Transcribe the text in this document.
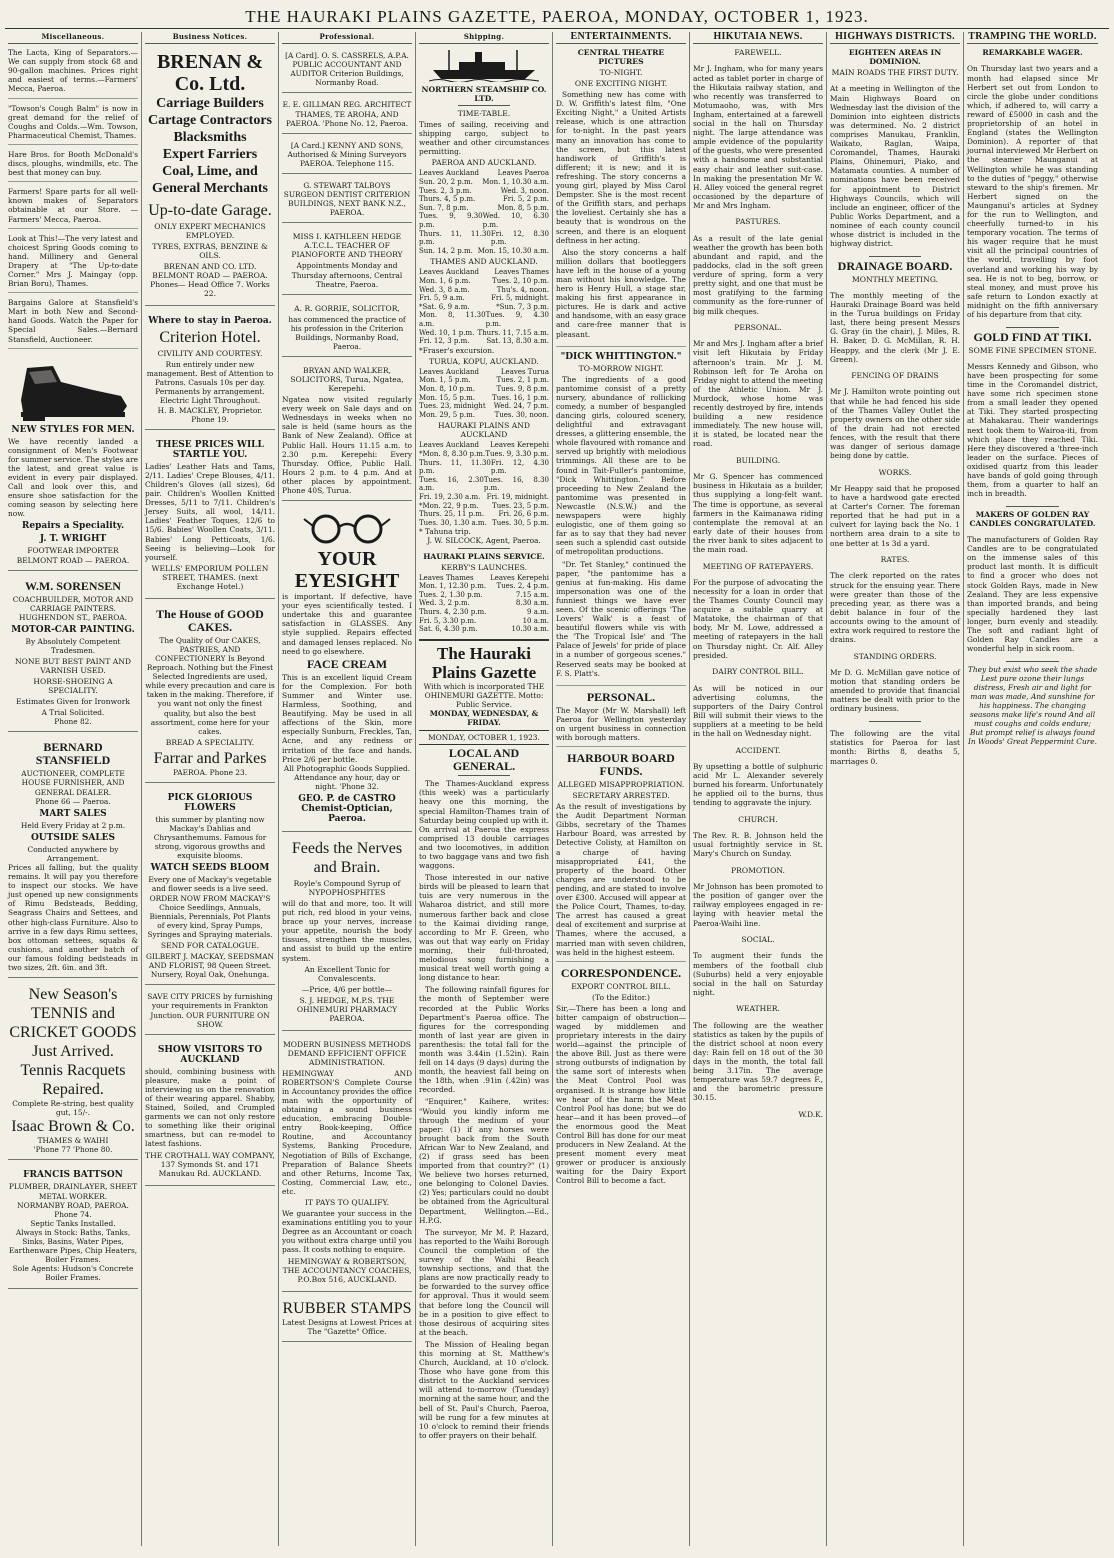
THE HAURAKI PLAINS GAZETTE, PAEROA, MONDAY, OCTOBER 1, 1923.
Miscellaneous.
The Lacta, King of Separators.—We can supply from stock 68 and 90-gallon machines. Prices right and easiest of terms.—Farmers' Mecca, Paeroa.
"Towson's Cough Balm" is now in great demand for the relief of Coughs and Colds.—Wm. Towson, Pharmaceutical Chemist, Thames.
Hare Bros. for Booth McDonald's discs, ploughs, windmills, etc. The best that money can buy.
Farmers! Spare parts for all well-known makes of Separators obtainable at our Store. —Farmers' Mecca, Paeroa.
Look at This!—The very latest and choicest Spring Goods coming to hand. Millinery and General Drapery at "The Up-to-date Corner." Mrs J. Maingay (opp. Brian Boru), Thames.
Bargains Galore at Stansfield's Mart in both New and Second-hand Goods. Watch the Paper for Special Sales.—Bernard Stansfield, Auctioneer.
NEW STYLES FOR MEN.
We have recently landed a consignment of Men's Footwear for summer service. The styles are the latest, and great value is evident in every pair displayed. Call and look over this, and ensure shoe satisfaction for the coming season by selecting here now.
Repairs a Speciality.
J. T. WRIGHT
FOOTWEAR IMPORTER
BELMONT ROAD — PAEROA.
W.M. SORENSEN
COACHBUILDER, MOTOR AND CARRIAGE PAINTERS. HUGHENDON ST., PAEROA.
MOTOR-CAR PAINTING.
By Absolutely Competent Tradesmen.
NONE BUT BEST PAINT AND VARNISH USED.
HORSE-SHOEING A SPECIALITY.
Estimates Given for Ironwork
A Trial Solicited.
Phone 82.
BERNARD STANSFIELD
AUCTIONEER, COMPLETE HOUSE FURNISHER, AND GENERAL DEALER.
Phone 66 — Paeroa.
MART SALES
Held Every Friday at 2 p.m.
OUTSIDE SALES
Conducted anywhere by Arrangement.
Prices all falling, but the quality remains. It will pay you therefore to inspect our stocks. We have just opened up new consignments of Rimu Bedsteads, Bedding, Seagrass Chairs and Settees, and other high-class Furniture. Also to arrive in a few days Rimu settees, box ottoman settees, squabs & cushions, and another batch of our famous folding bedsteads in two sizes, 2ft. 6in. and 3ft.
New Season's TENNIS and CRICKET GOODS Just Arrived.
Tennis Racquets Repaired.
Complete Re-string, best quality gut, 15/-.
Isaac Brown & Co.
THAMES & WAIHI
'Phone 77 'Phone 80.
FRANCIS BATTSON
PLUMBER, DRAINLAYER, SHEET METAL WORKER.
NORMANBY ROAD, PAEROA. Phone 74.
Septic Tanks Installed.
Always in Stock: Baths, Tanks, Sinks, Basins, Water Pipes, Earthenware Pipes, Chip Heaters, Boiler Frames.
Sole Agents: Hudson's Concrete Boiler Frames.
Business Notices.
BRENAN & Co. Ltd.
Carriage Builders
Cartage Contractors
Blacksmiths
Expert Farriers
Coal, Lime, and
General Merchants
Up-to-date Garage.
ONLY EXPERT MECHANICS EMPLOYED.
TYRES, EXTRAS, BENZINE & OILS.
BRENAN AND CO. LTD. BELMONT ROAD — PAEROA. Phones— Head Office 7. Works 22.
Where to stay in Paeroa.
Criterion Hotel.
CIVILITY AND COURTESY.
Run entirely under new management. Best of Attention to Patrons. Casuals 10s per day. Permanents by arrangement. Electric Light Throughout.
H. B. MACKLEY, Proprietor. Phone 19.
THESE PRICES WILL STARTLE YOU.
Ladies' Leather Hats and Tams, 2/11. Ladies' Crepe Blouses, 4/11. Children's Gloves (all sizes), 6d pair. Children's Woollen Knitted Dresses, 5/11 to 7/11. Children's Jersey Suits, all wool, 14/11. Ladies' Feather Toques, 12/6 to 15/6. Babies' Woollen Coats, 3/11. Babies' Long Petticoats, 1/6. Seeing is believing—Look for yourself.
WELLS' EMPORIUM POLLEN STREET, THAMES. (next Exchange Hotel.)
The House of GOOD CAKES.
The Quality of Our CAKES, PASTRIES, AND CONFECTIONERY Is Beyond Reproach. Nothing but the Finest Selected Ingredients are used, while every precaution and care is taken in the making. Therefore, if you want not only the finest quality, but also the best assortment, come here for your cakes.
BREAD A SPECIALITY.
Farrar and Parkes
PAEROA. Phone 23.
PICK GLORIOUS FLOWERS
this summer by planting now Mackay's Dahlias and Chrysanthemums. Famous for strong, vigorous growths and exquisite blooms.
WATCH SEEDS BLOOM
Every one of Mackay's vegetable and flower seeds is a live seed. ORDER NOW FROM MACKAY'S Choice Seedlings, Annuals, Biennials, Perennials, Pot Plants of every kind, Spray Pumps, Syringes and Spraying materials.
SEND FOR CATALOGUE.
GILBERT J. MACKAY, SEEDSMAN AND FLORIST, 98 Queen Street. Nursery, Royal Oak, Onehunga.
SAVE CITY PRICES by furnishing your requirements in Frankton Junction. OUR FURNITURE ON SHOW.
SHOW VISITORS TO AUCKLAND
should, combining business with pleasure, make a point of interviewing us on the renovation of their wearing apparel. Shabby, Stained, Soiled, and Crumpled garments we can not only restore to something like their original smartness, but can re-model to latest fashions.
THE CROTHALL WAY COMPANY, 137 Symonds St. and 171 Manukau Rd. AUCKLAND.
Professional.
[A Card]. O. S. CASSRELS, A.P.A. PUBLIC ACCOUNTANT AND AUDITOR Criterion Buildings, Normanby Road.
E. E. GILLMAN REG. ARCHITECT THAMES, TE AROHA, AND PAEROA. 'Phone No. 12, Paeroa.
[A Card.] KENNY AND SONS, Authorised & Mining Surveyors PAEROA. Telephone 115.
G. STEWART TALBOYS SURGEON DENTIST CRITERION BUILDINGS, NEXT BANK N.Z., PAEROA.
MISS I. KATHLEEN HEDGE A.T.C.L. TEACHER OF PIANOFORTE AND THEORY
Appointments Monday and Thursday afternoons, Central Theatre, Paeroa.
A. R. GORRIE, SOLICITOR,
has commenced the practice of his profession in the Criterion Buildings, Normanby Road, Paeroa.
BRYAN AND WALKER, SOLICITORS, Turua, Ngatea, Kerepehi.
Ngatea now visited regularly every week on Sale days and on Wednesdays in weeks when no sale is held (same hours as the Bank of New Zealand). Office at Public Hall. Hours 11.15 a.m. to 2.30 p.m. Kerepehi: Every Thursday. Office, Public Hall. Hours 2 p.m. to 4 p.m. And at other places by appointment. Phone 40S, Turua.
YOUR EYESIGHT
is important. If defective, have your eyes scientifically tested. I undertake this and guarantee satisfaction in GLASSES. Any style supplied. Repairs effected and damaged lenses replaced. No need to go elsewhere.
FACE CREAM
This is an excellent liquid Cream for the Complexion. For both Summer and Winter use. Harmless, Soothing, and Beautifying. May be used in all affections of the Skin, more especially Sunburn, Freckles, Tan, Acne, and any redness or irritation of the face and hands. Price 2/6 per bottle.
All Photographic Goods Supplied. Attendance any hour, day or night. 'Phone 32.
GEO. P. de CASTRO Chemist-Optician, Paeroa.
Feeds the Nerves and Brain.
Royle's Compound Syrup of NYPOPHOSPHITES
will do that and more, too. It will put rich, red blood in your veins, brace up your nerves, increase your appetite, nourish the body tissues, strengthen the muscles, and assist to build up the entire system.
An Excellent Tonic for Convalescents.
—Price, 4/6 per bottle—
S. J. HEDGE, M.P.S. THE OHINEMURI PHARMACY PAEROA.
MODERN BUSINESS METHODS DEMAND EFFICIENT OFFICE ADMINISTRATION.
HEMINGWAY AND ROBERTSON'S Complete Course in Accountancy provides the office man with the opportunity of obtaining a sound business education, embracing Double-entry Book-keeping, Office Routine, and Accountancy Systems, Banking Procedure, Negotiation of Bills of Exchange, Preparation of Balance Sheets and other Returns, Income Tax, Costing, Commercial Law, etc., etc.
IT PAYS TO QUALIFY.
We guarantee your success in the examinations entitling you to your Degree as an Accountant or coach you without extra charge until you pass. It costs nothing to enquire.
HEMINGWAY & ROBERTSON, THE ACCOUNTANCY COACHES, P.O.Box 516, AUCKLAND.
RUBBER STAMPS
Latest Designs at Lowest Prices at The "Gazette" Office.
Shipping.
NORTHERN STEAMSHIP CO. LTD.
TIME-TABLE.
Times of sailing, receiving and shipping cargo, subject to weather and other circumstances permitting.
PAEROA AND AUCKLAND.
Leaves Auckland	Leaves Paeroa
Sun. 20, 2 p.m. Mon. 1, 10.30 a.m.
Tues. 2, 3 p.m.	Wed. 3, noon.
Thurs. 4, 5 p.m.	Fri. 5, 2 p.m.
Sun. 7, 8 p.m.	Mon. 8, 5 p.m.
Tues. 9, 9.30 p.m.
Wed. 10, 6.30 p.m.
Thurs. 11, 11.30 p.m.
Fri. 12, 8.30 p.m.
Sun. 14, 2 p.m. Mon. 15, 10.30 a.m.
THAMES AND AUCKLAND.
Leaves Auckland Leaves Thames
Mon. 1, 6 p.m.	Tues. 2, 10 p.m.
Wed. 3, 8 a.m.	Thu's. 4, noon.
Fri. 5, 9 a.m.	Fri. 5, midnight.
*Sat. 6, 9 a.m.	*Sun. 7, 3 p.m.
Mon. 8, 11.30 a.m.
Tues. 9, 4.30 p.m.
Wed. 10, 1 p.m. Thurs. 11, 7.15 a.m.
Fri. 12, 3 p.m. Sat. 13, 8.30 a.m.
*Fraser's excursion.
TURUA, KOPU, AUCKLAND.
Leaves Auckland	Leaves Turua
Mon. 1, 5 p.m.	Tues. 2, 1 p.m.
Mon. 8, 10 p.m.	Tues. 9, 8 p.m.
Mon. 15, 5 p.m. Tues. 16, 1 p.m.
Tues. 23, midnight Wed. 24, 7 p.m.
Mon. 29, 5 p.m.	Tues. 30, noon.
HAURAKI PLAINS AND AUCKLAND
Leaves Auckland Leaves Kerepehi
*Mon. 8, 8.30 p.m. Tues. 9, 3.30 p.m.
Thurs. 11, 11.30 p.m.
Fri. 12, 4.30 p.m.
Tues. 16, 2.30 a.m.
Tues. 16, 8.30 p.m.
Fri. 19, 2.30 a.m. Fri. 19, midnight.
*Mon. 22, 9 p.m. Tues. 23, 5 p.m.
Thurs. 25, 11 p.m. Fri. 26, 6 p.m.
Tues. 30, 1.30 a.m. Tues. 30, 5 p.m.
* Tahuna trip.
J. W. SILCOCK, Agent, Paeroa.
HAURAKI PLAINS SERVICE.
KERBY'S LAUNCHES.
Leaves Thames Leaves Kerepehi
Mon. 1, 12.30 p.m. Tues. 2, 4 p.m.
Tues. 2, 1.30 p.m.	7.15 a.m.
Wed. 3, 2 p.m.	8.30 a.m.
Thurs. 4, 2.30 p.m.	9 a.m.
Fri. 5, 3.30 p.m.	10 a.m.
Sat. 6, 4.30 p.m.	10.30 a.m.
The Hauraki Plains Gazette
With which is incorporated THE OHINEMURI GAZETTE. Motto: Public Service.
MONDAY, WEDNESDAY, & FRIDAY.
MONDAY, OCTOBER 1, 1923.
LOCAL AND GENERAL.

The Thames-Auckland express (this week) was a particularly heavy one this morning, the special Hamilton-Thames train of Saturday being coupled up with it. On arrival at Paeroa the express comprised 13 double carriages and two locomotives, in addition to two baggage vans and two fish waggons.

Those interested in our native birds will be pleased to learn that tuis are very numerous in the Waharoa district, and still more numerous farther back and close to the Kaimai dividing range, according to Mr F. Green, who was out that way early on Friday morning, their full-throated, melodious song furnishing a musical treat well worth going a long distance to hear.

The following rainfall figures for the month of September were recorded at the Public Works Department's Paeroa office. The figures for the corresponding month of last year are given in parenthesis: the total fall for the month was 3.44in (1.52in). Rain fell on 14 days (9 days) during the month, the heaviest fall being on the 18th, when .91in (.42in) was recorded.

"Enquirer," Kaihere, writes: "Would you kindly inform me through the medium of your paper: (1) if any horses were brought back from the South African War to New Zealand, and (2) if grass seed has been imported from that country?" (1) We believe two horses returned, one belonging to Colonel Davies. (2) Yes; particulars could no doubt be obtained from the Agricultural Department, Wellington.—Ed., H.P.G.

The surveyor, Mr M. P. Hazard, has reported to the Waihi Borough Council the completion of the survey of the Waihi Beach township sections, and that the plans are now practically ready to be forwarded to the survey office for approval. Thus it would seem that before long the Council will be in a position to give effect to those desirous of acquiring sites at the beach.

The Mission of Healing began this morning at St. Matthew's Church, Auckland, at 10 o'clock. Those who have gone from this district to the Auckland services will attend to-morrow (Tuesday) morning at the same hour, and the bell of St. Paul's Church, Paeroa, will be rung for a few minutes at 10 o'clock to remind their friends to offer prayers on their behalf.

ENTERTAINMENTS.
CENTRAL THEATRE PICTURES
TO-NIGHT.
ONE EXCITING NIGHT.

Something new has come with D. W. Griffith's latest film, "One Exciting Night," a United Artists release, which is one attraction for to-night. In the past years many an innovation has come to the screen, but this latest handiwork of Griffith's is different; it is new; and it is refreshing. The story concerns a young girl, played by Miss Carol Dempster. She is the most recent of the Griffith stars, and perhaps the loveliest. Certainly she has a beauty that is wondrous on the screen, and there is an eloquent deftness in her acting.

Also the story concerns a half million dollars that bootleggers have left in the house of a young man without his knowledge. The hero is Henry Hull, a stage star, making his first appearance in pictures. He is dark and active and handsome, with an easy grace and care-free manner that is pleasant.

"DICK WHITTINGTON."
TO-MORROW NIGHT.

The ingredients of a good pantomime consist of a pretty nursery, abundance of rollicking comedy, a number of bespangled dancing girls, coloured scenery, delightful and extravagant dresses, a glittering ensemble, the whole flavoured with romance and served up brightly with melodious trimmings. All these are to be found in Tait-Fuller's pantomime, "Dick Whittington." Before proceeding to New Zealand the pantomime was presented in Newcastle (N.S.W.) and the newspapers were highly eulogistic, one of them going so far as to say that they had never seen such a splendid cast outside of metropolitan productions.

"Dr. Tet Stanley," continued the paper, "the pantomime has a genius at fun-making. His dame impersonation was one of the funniest things we have ever seen. Of the scenic offerings 'The Lovers' Walk' is a feast of beautiful flowers while vis with the 'The Tropical Isle' and 'The Palace of Jewels' for pride of place in a number of gorgeous scenes." Reserved seats may be booked at F. S. Platt's.

PERSONAL.
The Mayor (Mr W. Marshall) left Paeroa for Wellington yesterday on urgent business in connection with borough matters.
HARBOUR BOARD FUNDS.
ALLEGED MISAPPROPRIATION.
SECRETARY ARRESTED.
As the result of investigations by the Audit Department Norman Gibbs, secretary of the Thames Harbour Board, was arrested by Detective Colisty, at Hamilton on a charge of having misappropriated £41, the property of the board. Other charges are understood to be pending, and are stated to involve over £300. Accused will appear at the Police Court, Thames, to-day. The arrest has caused a great deal of excitement and surprise at Thames, where the accused, a married man with seven children, was held in the highest esteem.
CORRESPONDENCE.
EXPORT CONTROL BILL.
(To the Editor.)
Sir,—There has been a long and bitter campaign of obstruction—waged by middlemen and proprietary interests in the dairy world—against the principle of the above Bill. Just as there were strong outbursts of indignation by the same sort of interests when the Meat Control Pool was organised. It is strange how little we hear of the harm the Meat Control Pool has done; but we do hear—and it has been proved—of the enormous good the Meat Control Bill has done for our meat producers in New Zealand. At the present moment every meat grower or producer is anxiously waiting for the Dairy Export Control Bill to become a fact.
HIKUTAIA NEWS.
FAREWELL.

Mr J. Ingham, who for many years acted as tablet porter in charge of the Hikutaia railway station, and who recently was transferred to Motumaoho, was, with Mrs Ingham, entertained at a farewell social in the hall on Thursday night. The large attendance was ample evidence of the popularity of the guests, who were presented with a handsome and substantial easy chair and leather suit-case. In making the presentation Mr W. H. Alley voiced the general regret occasioned by the departure of Mr and Mrs Ingham.

PASTURES.

As a result of the late genial weather the growth has been both abundant and rapid, and the paddocks, clad in the soft green verdure of spring, form a very pretty sight, and one that must be most gratifying to the farming community as the fore-runner of big milk cheques.

PERSONAL.

Mr and Mrs J. Ingham after a brief visit left Hikutaia by Friday afternoon's train. Mr J. M. Robinson left for Te Aroha on Friday night to attend the meeting of the Athletic Union. Mr J. Murdock, whose home was recently destroyed by fire, intends building a new residence immediately. The new house will, it is stated, be located near the road.

BUILDING.

Mr G. Spencer has commenced business in Hikutaia as a builder, thus supplying a long-felt want. The time is opportune, as several farmers in the Kaimanawa riding contemplate the removal at an early date of their houses from the river bank to sites adjacent to the main road.

MEETING OF RATEPAYERS.

For the purpose of advocating the necessity for a loan in order that the Thames County Council may acquire a suitable quarry at Matatoke, the chairman of that body, Mr M. Lowe, addressed a meeting of ratepayers in the hall on Thursday night. Cr. Alf. Alley presided.

DAIRY CONTROL BILL.

As will be noticed in our advertising columns, the supporters of the Dairy Control Bill will submit their views to the suppliers at a meeting to be held in the hall on Wednesday night.

ACCIDENT.

By upsetting a bottle of sulphuric acid Mr L. Alexander severely burned his forearm. Unfortunately he applied oil to the burns, thus tending to aggravate the injury.

CHURCH.

The Rev. R. B. Johnson held the usual fortnightly service in St. Mary's Church on Sunday.

PROMOTION.

Mr Johnson has been promoted to the position of ganger over the railway employees engaged in re-laying with heavier metal the Paeroa-Waihi line.

SOCIAL.

To augment their funds the members of the football club (Suburbs) held a very enjoyable social in the hall on Saturday night.

WEATHER.

The following are the weather statistics as taken by the pupils of the district school at noon every day: Rain fell on 18 out of the 30 days in the month, the total fall being 3.17in. The average temperature was 59.7 degrees F., and the barometric pressure 30.15.

W.D.K.
HIGHWAYS DISTRICTS.
EIGHTEEN AREAS IN DOMINION.
MAIN ROADS THE FIRST DUTY.

At a meeting in Wellington of the Main Highways Board on Wednesday last the division of the Dominion into eighteen districts was determined. No. 2 district comprises Manukau, Franklin, Waikato, Raglan, Waipa, Coromandel, Thames, Hauraki Plains, Ohinemuri, Piako, and Matamata counties. A number of nominations have been received for appointment to District Highways Councils, which will include an engineer, officer of the Public Works Department, and a nominee of each county council whose district is included in the highway district.

DRAINAGE BOARD.
MONTHLY MEETING.

The monthly meeting of the Hauraki Drainage Board was held in the Turua buildings on Friday last, there being present Messrs G. Gray (in the chair), J. Miles, R. H. Baker, D. G. McMillan, R. H. Heappy, and the clerk (Mr J. E. Green).

FENCING OF DRAINS

Mr J. Hamilton wrote pointing out that while he had fenced his side of the Thames Valley Outlet the property owners on the other side of the drain had not erected fences, with the result that there was danger of serious damage being done by cattle.

WORKS.

Mr Heappy said that he proposed to have a hardwood gate erected at Carter's Corner. The foreman reported that he had put in a culvert for laying back the No. 1 northern area drain to a site to one better at 1s 3d a yard.

RATES.

The clerk reported on the rates struck for the ensuing year. There were greater than those of the preceding year, as there was a debit balance in four of the accounts owing to the amount of extra work required to restore the drains.

STANDING ORDERS.

Mr D. G. McMillan gave notice of motion that standing orders be amended to provide that financial matters be dealt with prior to the ordinary business.

The following are the vital statistics for Paeroa for last month: Births 8, deaths 5, marriages 0.

TRAMPING THE WORLD.
REMARKABLE WAGER.

On Thursday last two years and a month had elapsed since Mr Herbert set out from London to circle the globe under conditions which, if adhered to, will carry a reward of £5000 in cash and the proprietorship of an hotel in England (states the Wellington Dominion). A reporter of that journal interviewed Mr Herbert on the steamer Maunganui at Wellington while he was standing to the duties of "peggy," otherwise steward to the ship's firemen. Mr Herbert signed on the Maunganui's articles at Sydney for the run to Wellington, and cheerfully turned-to in his temporary vocation. The terms of his wager require that he must visit all the principal countries of the world, travelling by foot overland and working his way by sea. He is not to beg, borrow, or steal money, and must prove his safe return to London exactly at midnight on the fifth anniversary of his departure from that city.

GOLD FIND AT TIKI.
SOME FINE SPECIMEN STONE.

Messrs Kennedy and Gibson, who have been prospecting for some time in the Coromandel district, have some rich specimen stone from a small leader they opened at Tiki. They started prospecting at Mahakarau. Their wanderings next took them to Wairoa-iti, from which place they reached Tiki. Here they discovered a 'three-inch leader on the surface. Pieces of oxidised quartz from this leader have bands of gold going through them, from a quarter to half an inch in breadth.

MAKERS OF GOLDEN RAY CANDLES CONGRATULATED.

The manufacturers of Golden Ray Candles are to be congratulated on the immense sales of this product last month. It is difficult to find a grocer who does not stock Golden Rays, made in New Zealand. They are less expensive than imported brands, and being specially hardened they last longer, burn evenly and steadily. The soft and radiant light of Golden Ray Candles are a wonderful help in sick room.

They but exist who seek the shade Lest pure ozone their lungs distress, Fresh air and light for man was made, And sunshine for his happiness. The changing seasons make life's round And all must coughs and colds endure; But prompt relief is always found In Woods' Great Peppermint Cure.
